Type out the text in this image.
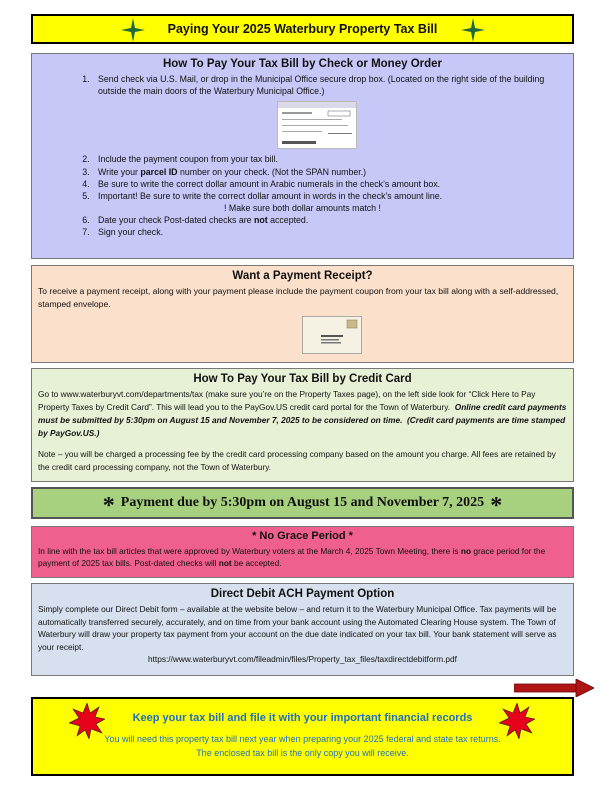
Paying Your 2025 Waterbury Property Tax Bill
How To Pay Your Tax Bill by Check or Money Order
1. Send check via U.S. Mail, or drop in the Municipal Office secure drop box. (Located on the right side of the building outside the main doors of the Waterbury Municipal Office.)
2. Include the payment coupon from your tax bill.
3. Write your parcel ID number on your check. (Not the SPAN number.)
4. Be sure to write the correct dollar amount in Arabic numerals in the check’s amount box.
5. Important! Be sure to write the correct dollar amount in words in the check’s amount line.
! Make sure both dollar amounts match !
6. Date your check Post-dated checks are not accepted.
7. Sign your check.
Want a Payment Receipt?

To receive a payment receipt, along with your payment please include the payment coupon from your tax bill along with a self-addressed, stamped envelope.

How To Pay Your Tax Bill by Credit Card

Go to www.waterburyvt.com/departments/tax (make sure you’re on the Property Taxes page), on the left side look for “Click Here to Pay Property Taxes by Credit Card”. This will lead you to the PayGov.US credit card portal for the Town of Waterbury. Online credit card payments must be submitted by 5:30pm on August 15 and November 7, 2025 to be considered on time. (Credit card payments are time stamped by PayGov.US.)

Note – you will be charged a processing fee by the credit card processing company based on the amount you charge. All fees are retained by the credit card processing company, not the Town of Waterbury.

* Payment due by 5:30pm on August 15 and November 7, 2025 *
* No Grace Period *

In line with the tax bill articles that were approved by Waterbury voters at the March 4, 2025 Town Meeting, there is no grace period for the payment of 2025 tax bills. Post-dated checks will not be accepted.

Direct Debit ACH Payment Option

Simply complete our Direct Debit form – available at the website below – and return it to the Waterbury Municipal Office. Tax payments will be automatically transferred securely, accurately, and on time from your bank account using the Automated Clearing House system. The Town of Waterbury will draw your property tax payment from your account on the due date indicated on your tax bill. Your bank statement will serve as your receipt.

https://www.waterburyvt.com/fileadmin/files/Property_tax_files/taxdirectdebitform.pdf
Keep your tax bill and file it with your important financial records
You will need this property tax bill next year when preparing your 2025 federal and state tax returns.
The enclosed tax bill is the only copy you will receive.
